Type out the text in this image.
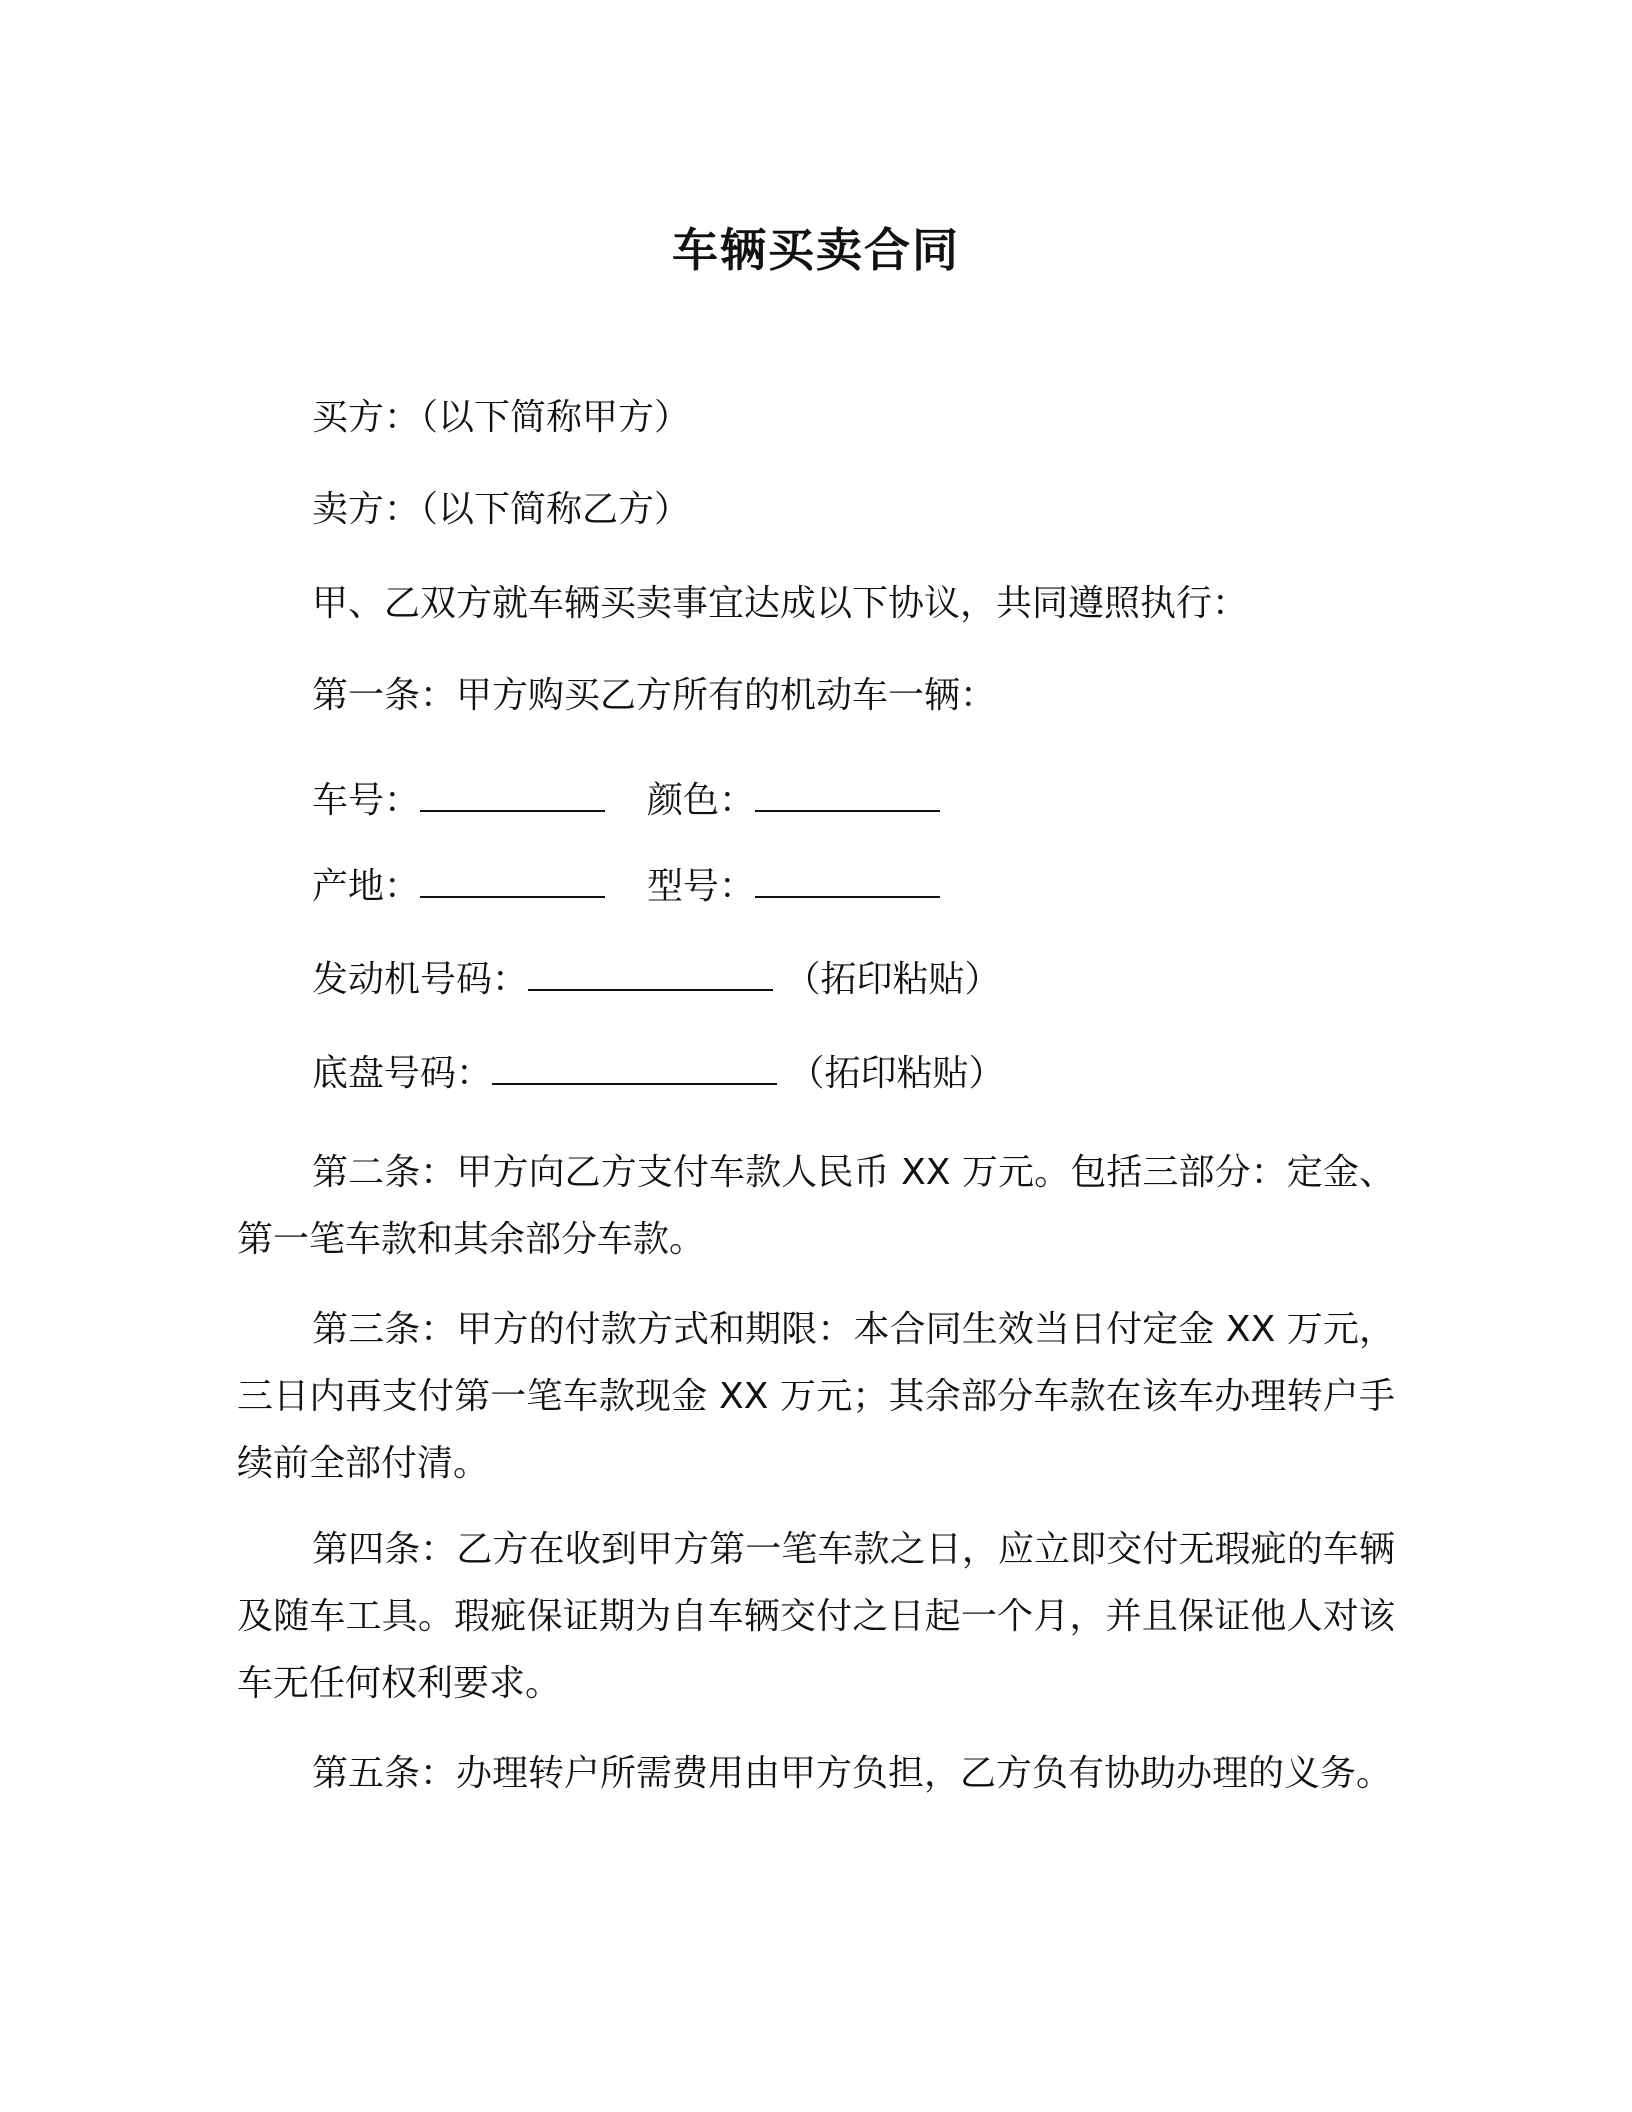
车辆买卖合同
买方：（以下简称甲方）
卖方：（以下简称乙方）
甲、乙双方就车辆买卖事宜达成以下协议，共同遵照执行：
第一条：甲方购买乙方所有的机动车一辆：
车号：	颜色：
产地：	型号：
发动机号码：	（拓印粘贴）
底盘号码：	（拓印粘贴）
第二条：甲方向乙方支付车款人民币 XX 万元。包括三部分：定金、第一笔车款和其余部分车款。
第三条：甲方的付款方式和期限：本合同生效当日付定金 XX 万元，三日内再支付第一笔车款现金 XX 万元；其余部分车款在该车办理转户手续前全部付清。
第四条：乙方在收到甲方第一笔车款之日，应立即交付无瑕疵的车辆及随车工具。瑕疵保证期为自车辆交付之日起一个月，并且保证他人对该车无任何权利要求。
第五条：办理转户所需费用由甲方负担，乙方负有协助办理的义务。
